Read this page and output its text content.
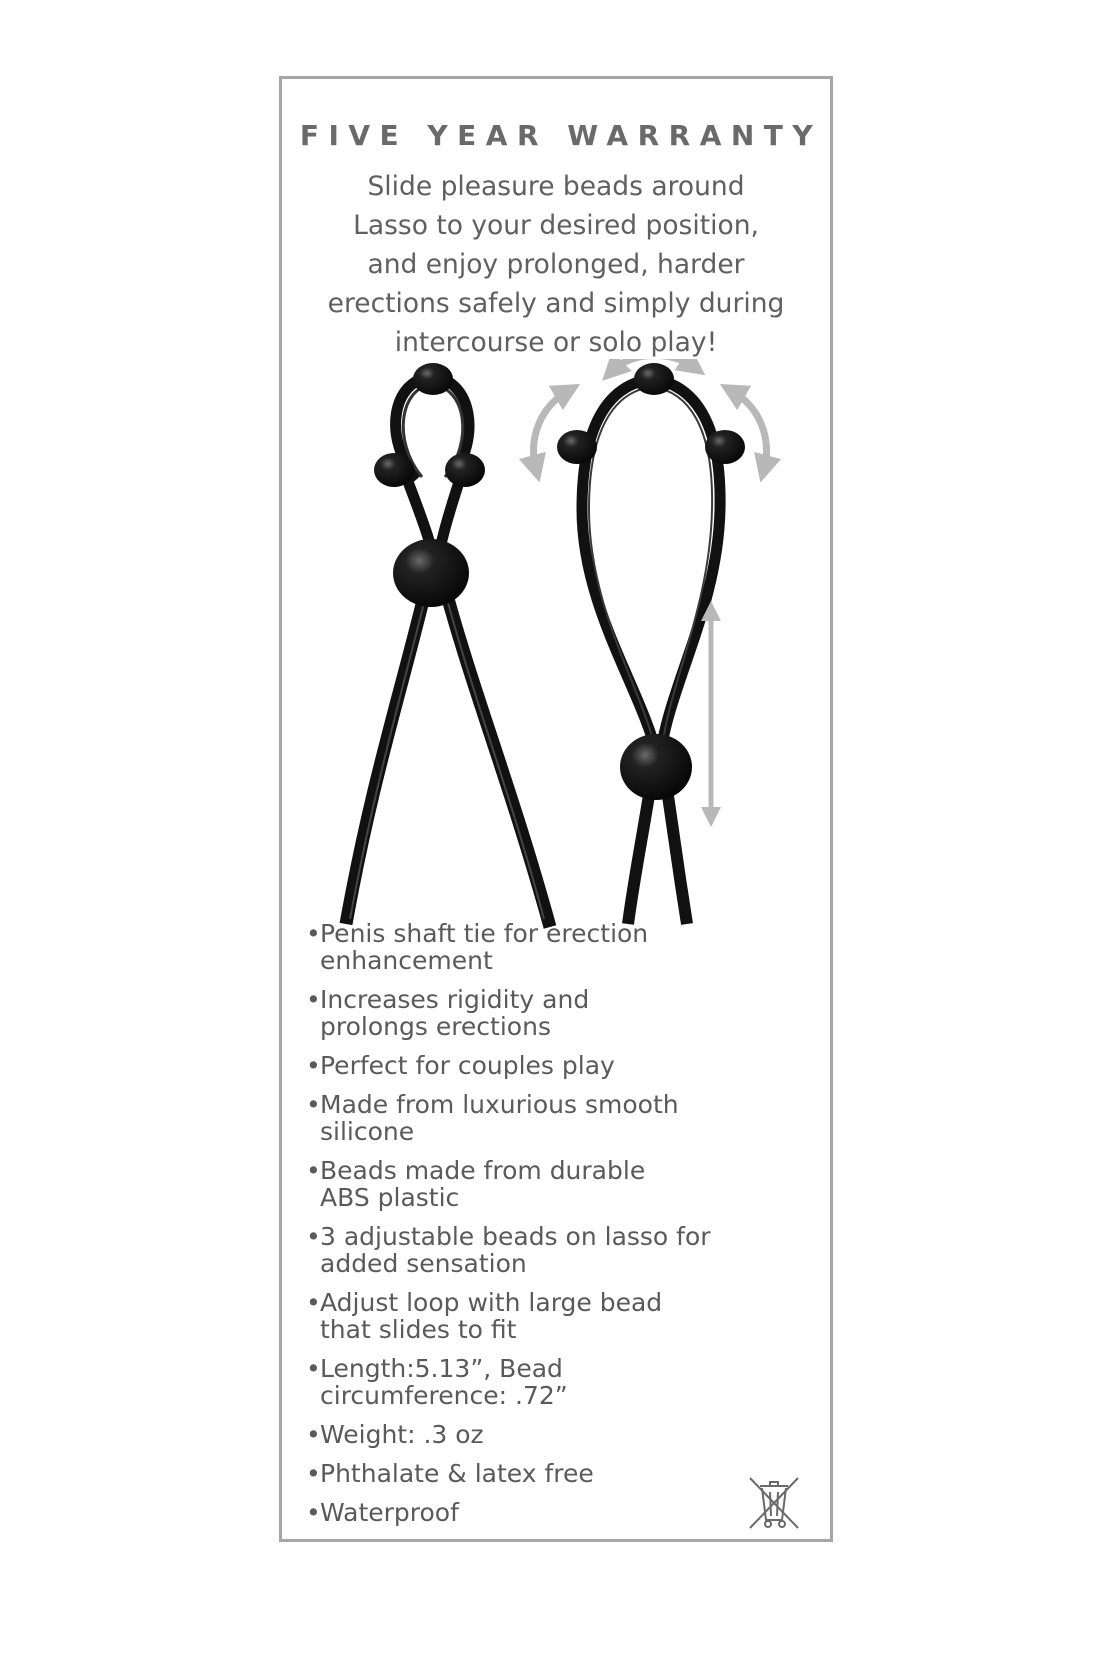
FIVE YEAR WARRANTY
Slide pleasure beads around
Lasso to your desired position,
and enjoy prolonged, harder
erections safely and simply during
intercourse or solo play!
• Penis shaft tie for erection
enhancement
• Increases rigidity and
prolongs erections
• Perfect for couples play
• Made from luxurious smooth
silicone
• Beads made from durable
ABS plastic
• 3 adjustable beads on lasso for
added sensation
• Adjust loop with large bead
that slides to fit
• Length:5.13”, Bead
circumference: .72”
• Weight: .3 oz
• Phthalate & latex free
• Waterproof
